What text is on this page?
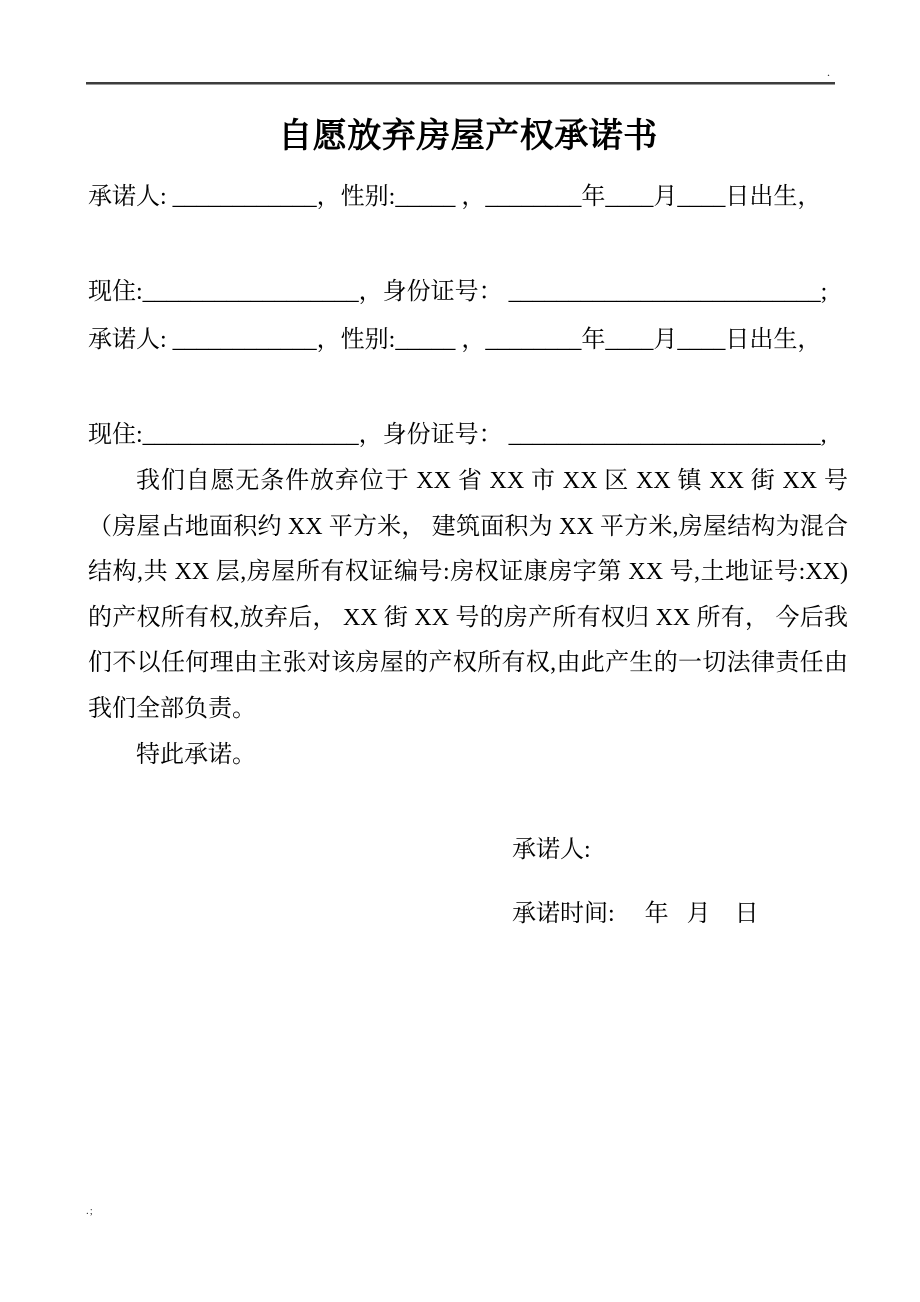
.
自愿放弃房屋产权承诺书
承诺人: ____________，性别:_____ ，________年____月____日出生，
现住:__________________，身份证号： __________________________;
承诺人: ____________，性别:_____ ，________年____月____日出生，
现住:__________________，身份证号： __________________________,
我们自愿无条件放弃位于 XX 省 XX 市 XX 区 XX 镇 XX 街 XX 号（房屋占地面积约 XX 平方米， 建筑面积为 XX 平方米,房屋结构为混合结构,共 XX 层,房屋所有权证编号:房权证康房字第 XX 号,土地证号:XX)的产权所有权,放弃后， XX 街 XX 号的房产所有权归 XX 所有， 今后我们不以任何理由主张对该房屋的产权所有权,由此产生的一切法律责任由我们全部负责。
特此承诺。
承诺人:
承诺时间:     年   月    日
.;
